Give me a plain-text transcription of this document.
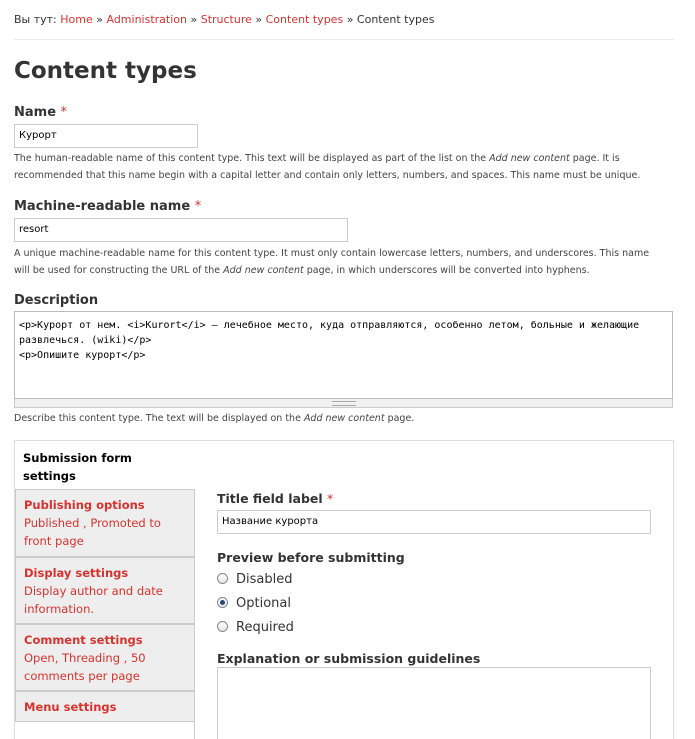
Вы тут: Home » Administration » Structure » Content types » Content types
Content types
Name *
Курорт
The human-readable name of this content type. This text will be displayed as part of the list on the Add new content page. It is recommended that this name begin with a capital letter and contain only letters, numbers, and spaces. This name must be unique.
Machine-readable name *
resort
A unique machine-readable name for this content type. It must only contain lowercase letters, numbers, and underscores. This name will be used for constructing the URL of the Add new content page, in which underscores will be converted into hyphens.
Description
<p>Курорт от нем. <i>Kurort</i> – лечебное место, куда отправляются, особенно летом, больные и желающие развлечься. (wiki)</p>
<p>Опишите курорт</p>
Describe this content type. The text will be displayed on the Add new content page.
Submission form settings
Publishing options
Published , Promoted to front page
Display settings
Display author and date information.
Comment settings
Open, Threading , 50 comments per page
Menu settings
Title field label *
Название курорта
Preview before submitting
Disabled
Optional
Required
Explanation or submission guidelines
